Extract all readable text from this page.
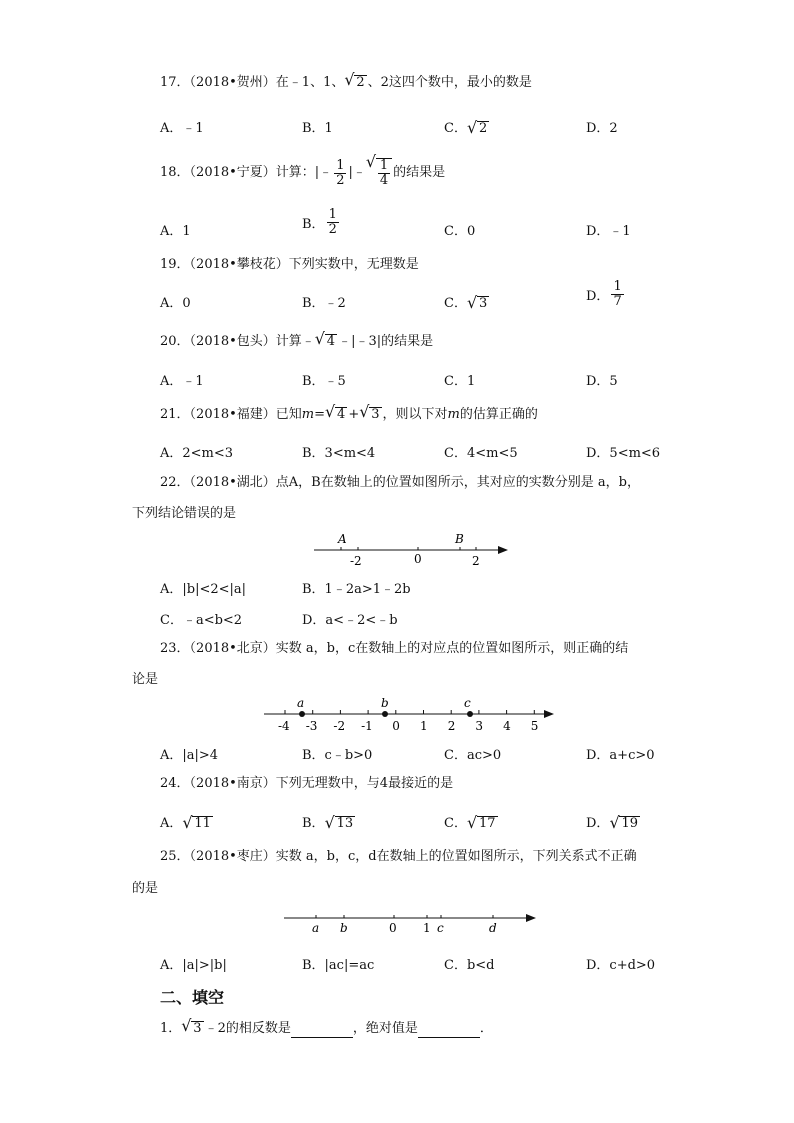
17．（2018•贺州）在﹣1、1、 √ 2 、2这四个数中，最小的数是
A．﹣1	B．1	C． √ 2	D．2
18．（2018•宁夏）计算：|﹣ $\frac{1}{2}$ |﹣ √ $\frac{1}{4}$ 的结果是
A．1	B． $\frac{1}{2}$	C．0	D．﹣1
19．（2018•攀枝花）下列实数中，无理数是
A．0	B．﹣2	C． √ 3	D． $\frac{1}{7}$
20．（2018•包头）计算﹣ √ 4 ﹣|﹣3|的结果是
A．﹣1	B．﹣5	C．1	D．5
21．（2018•福建）已知m= √ 4 + √ 3 ，则以下对m的估算正确的
A．2<m<3	B．3<m<4	C．4<m<5	D．5<m<6
22．（2018•湖北）点A，B在数轴上的位置如图所示，其对应的实数分别是 a，b，
下列结论错误的是
A	B
-2	0	2
A．|b|<2<|a|	B．1﹣2a>1﹣2b
C．﹣a<b<2	D．a<﹣2<﹣b
23．（2018•北京）实数 a，b，c在数轴上的对应点的位置如图所示，则正确的结
论是
-4 -3 -2 -1 0 1 2 3 4 5
a	b	c
A．|a|>4	B．c﹣b>0	C．ac>0	D．a+c>0
24．（2018•南京）下列无理数中，与4最接近的是
A． √ 11	B． √ 13	C． √ 17	D． √ 19
25．（2018•枣庄）实数 a，b，c，d在数轴上的位置如图所示，下列关系式不正确
的是
a b	0 1 c	d
A．|a|>|b|	B．|ac|=ac	C．b<d	D．c+d>0
二、填空
1． √ 3 ﹣2的相反数是	，绝对值是	．
